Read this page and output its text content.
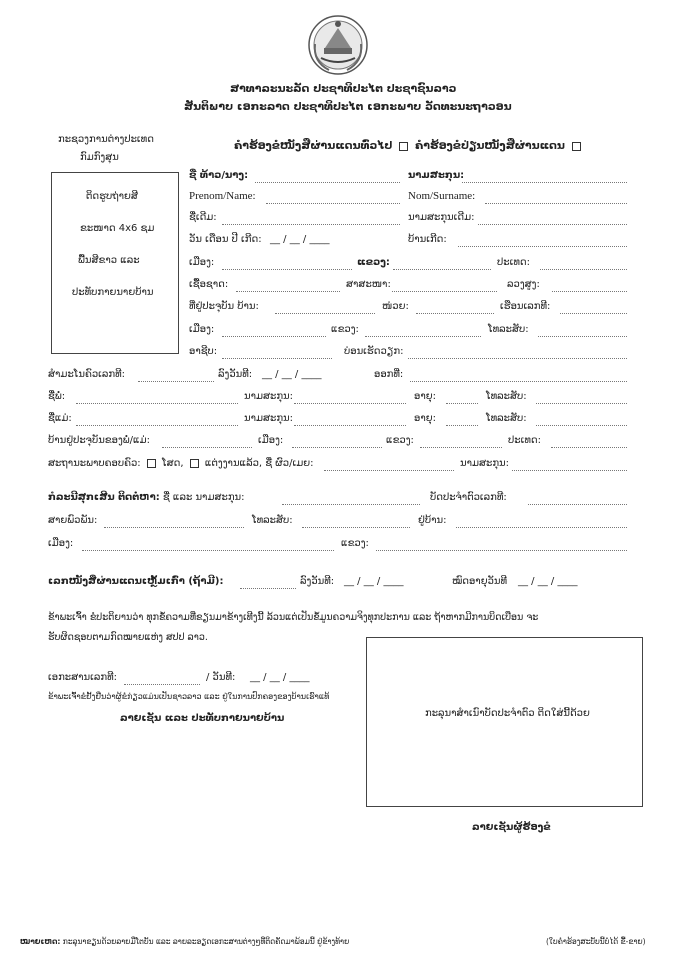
ສາທາລະນະລັດ ປະຊາທິປະໄຕ ປະຊາຊົນລາວ
ສັນຕິພາບ ເອກະລາດ ປະຊາທິປະໄຕ ເອກະພາບ ວັດທະນະຖາວອນ
ກະຊວງການຕ່າງປະເທດ
ກົມກົງສຸນ
ຄຳຮ້ອງຂໍໜັງສືຜ່ານແດນທົ່ວໄປ ຄຳຮ້ອງຂໍປ່ຽນໜັງສືຜ່ານແດນ
ຕິດຮູບຖ່າຍສີ
ຂະໜາດ 4x6 ຊມ
ພື້ນສີຂາວ ແລະ
ປະທັບກາຍນາຍບ້ານ
ຊື່ ທ້າວ/ນາງ:	ນາມສະກຸນ:
Prenom/Name:	Nom/Surname:
ຊື່ເດີມ:	ນາມສະກຸນເດີມ:
ວັນ ເດືອນ ປີ ເກີດ: __ / __ / ____	ບ້ານເກີດ:
ເມືອງ:	ແຂວງ:	ປະເທດ:
ເຊື້ອຊາດ:	ສາສະໜາ:	ລວງສູງ:
ທີ່ຢູ່ປະຈຸບັນ ບ້ານ:	ໜ່ວຍ:	ເຮືອນເລກທີ:
ເມືອງ:	ແຂວງ:	ໂທລະສັບ:
ອາຊີບ:	ບ່ອນເຮັດວຽກ:
ສຳມະໂນຄົວເລກທີ:	ລົງວັນທີ: __ / __ / ____	ອອກທີ່:
ຊື່ພໍ່:	ນາມສະກຸນ:	ອາຍຸ:	ໂທລະສັບ:
ຊື່ແມ່:	ນາມສະກຸນ:	ອາຍຸ:	ໂທລະສັບ:
ບ້ານຢູ່ປະຈຸບັນຂອງພໍ່/ແມ່:	ເມືອງ:	ແຂວງ:	ປະເທດ:
ສະຖານະພາບຄອບຄົວ: ໂສດ, ແຕ່ງງານແລ້ວ, ຊື່ ຜົວ/ເມຍ:	ນາມສະກຸນ:
ກໍລະນີສຸກເສີນ ຕິດຕໍ່ຫາ: ຊື່ ແລະ ນາມສະກຸນ:	ບັດປະຈຳຕົວເລກທີ:
ສາຍພົວພັນ:	ໂທລະສັບ:	ຢູ່ບ້ານ:
ເມືອງ:	ແຂວງ:
ເລກໜັງສືຜ່ານແດນເຫຼັ້ມເກົ່າ (ຖ້າມີ):	ລົງວັນທີ: __ / __ / ____	ໝົດອາຍຸວັນທີ __ / __ / ____
ຂ້າພະເຈົ້າ ຂໍປະຕິຍານວ່າ ທຸກຂໍ້ຄວາມທີ່ຂຽນມາຂ້າງເທີງນີ້ ລ້ວນແຕ່ເປັນຂໍ້ມູນຄວາມຈິງທຸກປະການ ແລະ ຖ້າຫາກມີການບິດເບືອນ ຈະ
ຮັບຜິດຊອບຕາມກົດໝາຍແຫ່ງ ສປປ ລາວ.
ເອກະສານເລກທີ:	/ ວັນທີ: __ / __ / ____
ຂ້າພະເຈົ້າຂໍຢັ້ງຢືນວ່າຜູ້ຂໍກ່ຽວແມ່ນເປັນຊາວລາວ ແລະ ຢູ່ໃນການປົກຄອງຂອງບ້ານເຮົາແທ້
ລາຍເຊັນ ແລະ ປະທັບກາຍນາຍບ້ານ	ກະລຸນາສຳເນົາບັດປະຈຳຕົວ ຕິດໃສ່ນີ້ດ້ວຍ
ລາຍເຊັນຜູ້ຮ້ອງຂໍ
ໝາຍເຫດ: ກະລຸນາຂຽນດ້ວຍລາຍມືໂຕບັນ ແລະ ລາຍລະອຽດເອກະສານຕ່າງໆທີ່ຕິດຄັດມາພ້ອມນີ້ ຢູ່ຂ້າງທ້າຍ	(ໃບຄຳຮ້ອງສະບັບນີ້ບໍ່ໄດ້ ຂື້-ຂາຍ)
